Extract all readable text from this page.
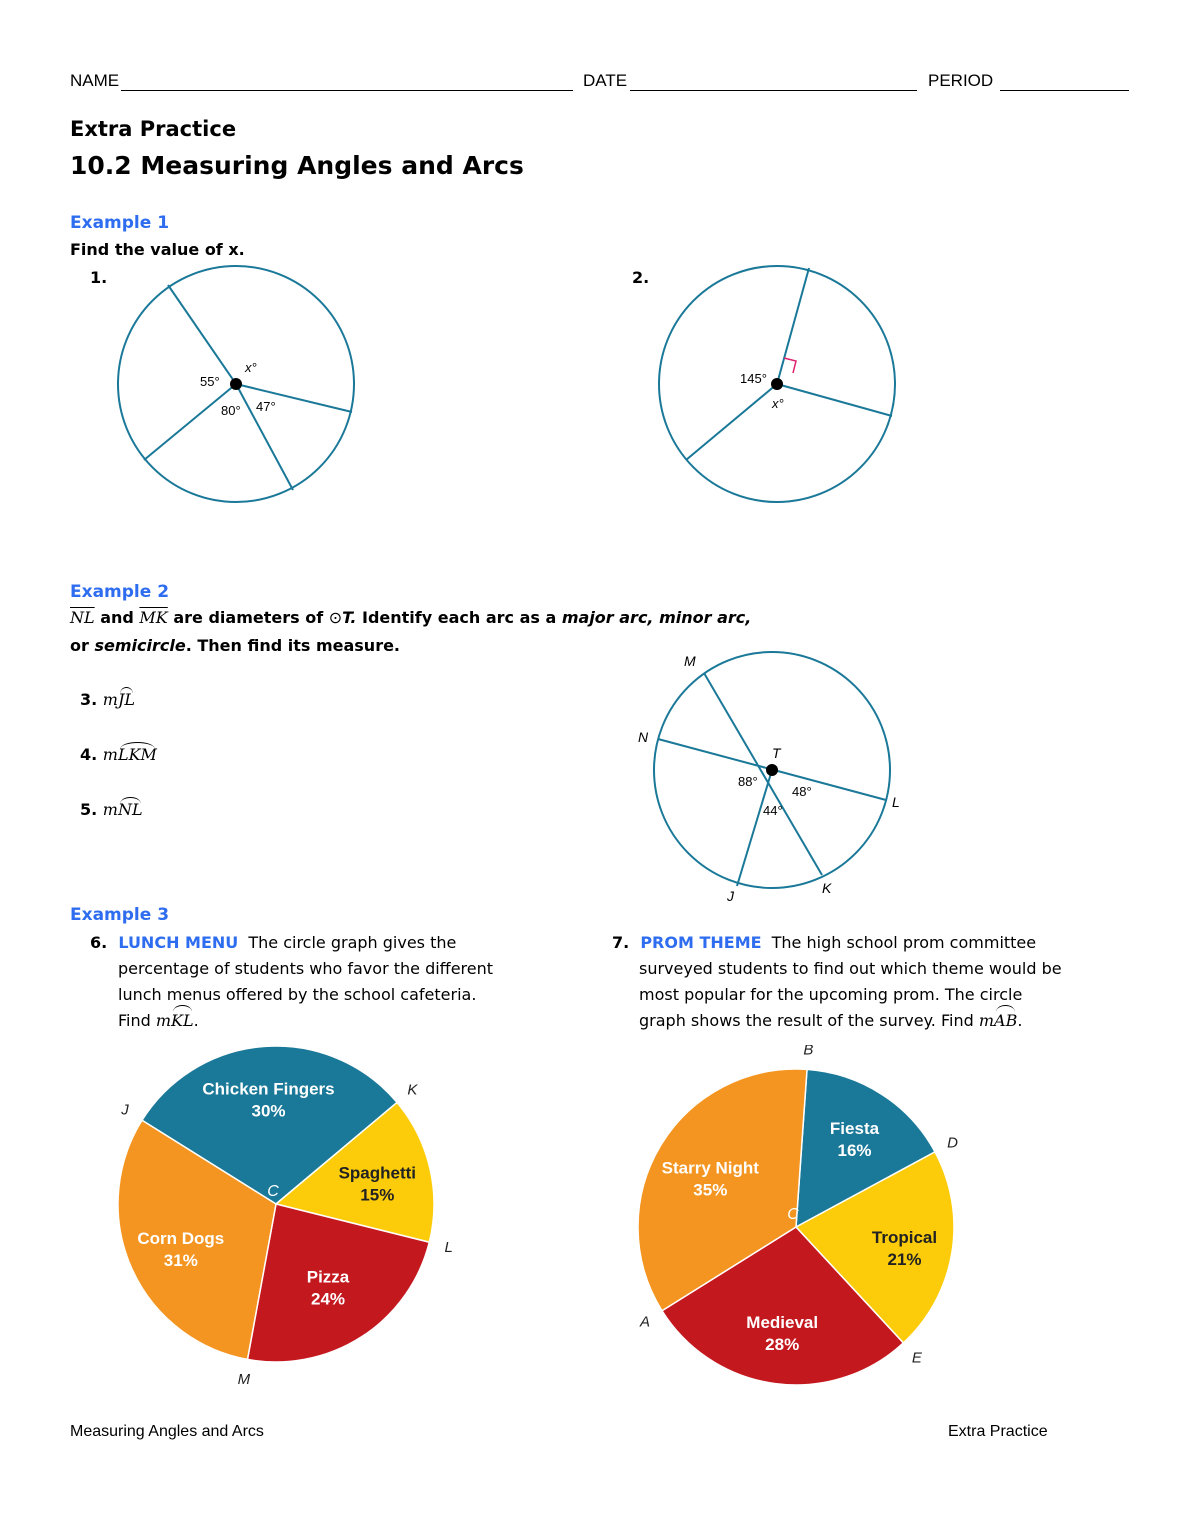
NAME	DATE	PERIOD
Extra Practice
10.2 Measuring Angles and Arcs
Example 1
Find the value of x.
1.	2.
55°
x°
80° 47°
145°
x°
Example 2
$\overline{NL}$ and $\overline{MK}$ are diameters of ⊙T. Identify each arc as a major arc, minor arc,
or semicircle. Then find its measure.
3. mJL
4. mLKM
5. mNL
M
N
T
L
J	K
88°
48°
44°
Example 3
6. LUNCH MENU The circle graph gives the
percentage of students who favor the different
lunch menus offered by the school cafeteria.
Find mKL.
7. PROM THEME The high school prom committee
surveyed students to find out which theme would be
most popular for the upcoming prom. The circle
graph shows the result of the survey. Find mAB.
Chicken Fingers
30%
Spaghetti
15%
Pizza
24%
Corn Dogs
31%
C
J
K
L
M
Fiesta
16%
Tropical
21%
Medieval
28%
Starry Night
35%
C
B
D
E
A
Measuring Angles and Arcs	Extra Practice
